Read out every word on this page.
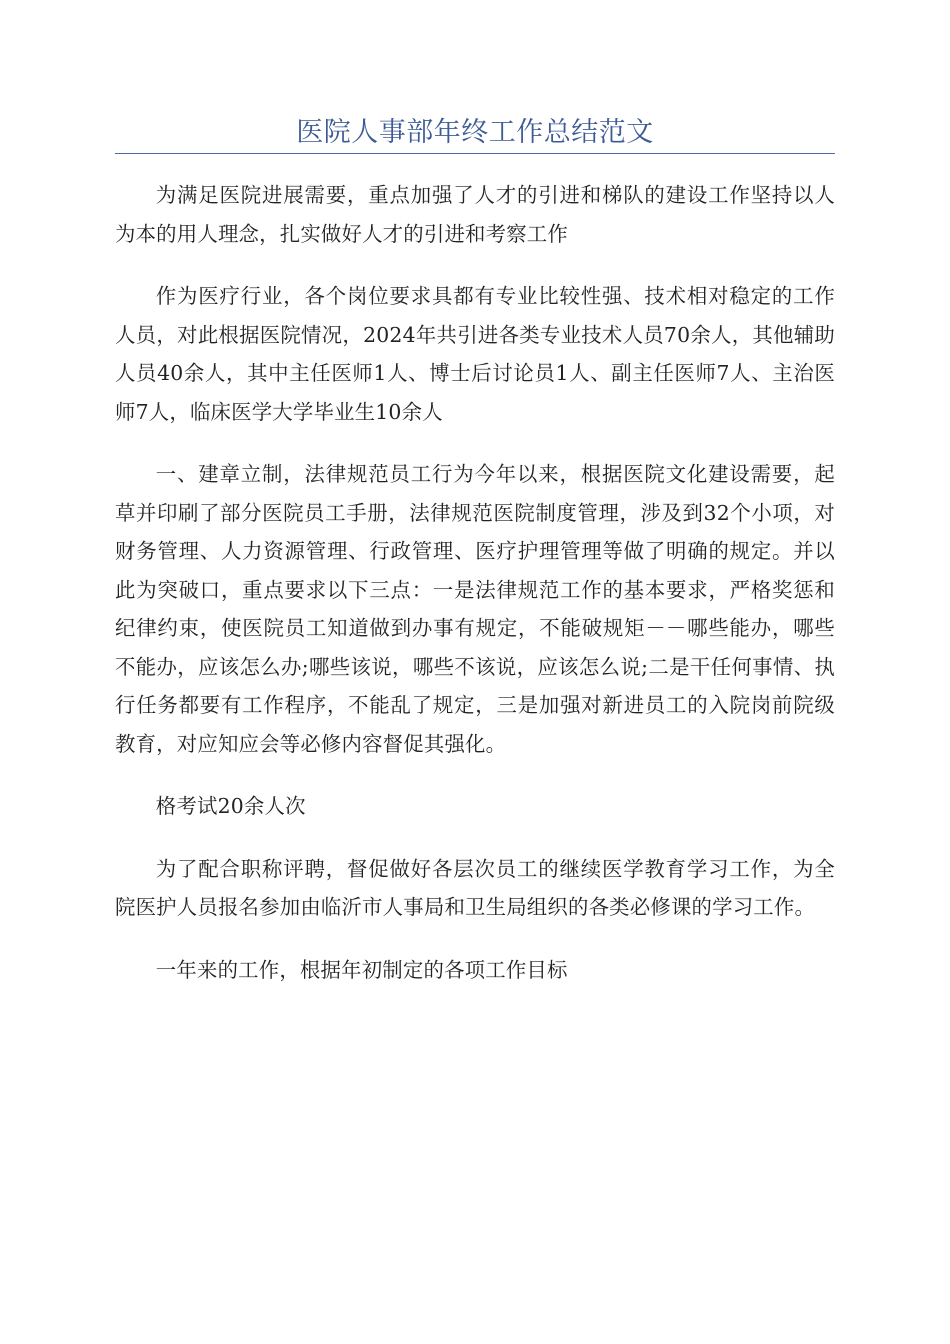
医院人事部年终工作总结范文

为满足医院进展需要，重点加强了人才的引进和梯队的建设工作坚持以人为本的用人理念，扎实做好人才的引进和考察工作

作为医疗行业，各个岗位要求具都有专业比较性强、技术相对稳定的工作人员，对此根据医院情况，2024年共引进各类专业技术人员70余人，其他辅助人员40余人，其中主任医师1人、博士后讨论员1人、副主任医师7人、主治医师7人，临床医学大学毕业生10余人

一、建章立制，法律规范员工行为今年以来，根据医院文化建设需要，起草并印刷了部分医院员工手册，法律规范医院制度管理，涉及到32个小项，对财务管理、人力资源管理、行政管理、医疗护理管理等做了明确的规定。并以此为突破口，重点要求以下三点：一是法律规范工作的基本要求，严格奖惩和纪律约束，使医院员工知道做到办事有规定，不能破规矩－－哪些能办，哪些不能办，应该怎么办;哪些该说，哪些不该说，应该怎么说;二是干任何事情、执行任务都要有工作程序，不能乱了规定，三是加强对新进员工的入院岗前院级教育，对应知应会等必修内容督促其强化。

格考试20余人次

为了配合职称评聘，督促做好各层次员工的继续医学教育学习工作，为全院医护人员报名参加由临沂市人事局和卫生局组织的各类必修课的学习工作。

一年来的工作，根据年初制定的各项工作目标
